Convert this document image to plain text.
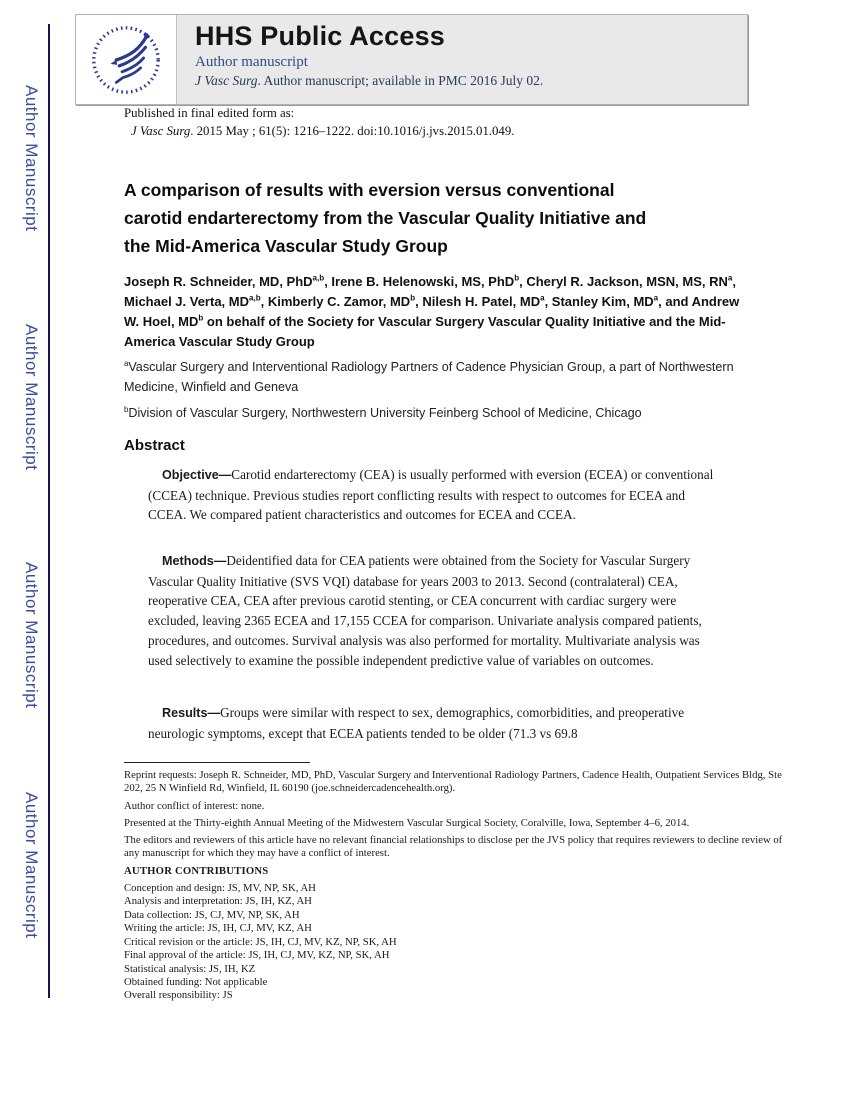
Author Manuscript
Author Manuscript
Author Manuscript
Author Manuscript
HHS Public Access
Author manuscript
J Vasc Surg. Author manuscript; available in PMC 2016 July 02.
Published in final edited form as:
J Vasc Surg. 2015 May ; 61(5): 1216–1222. doi:10.1016/j.jvs.2015.01.049.
A comparison of results with eversion versus conventional
carotid endarterectomy from the Vascular Quality Initiative and
the Mid-America Vascular Study Group
Joseph R. Schneider, MD, PhD$^{a,b}$, Irene B. Helenowski, MS, PhD$^b$, Cheryl R. Jackson, MSN, MS, $RN^a$, Michael J. Verta, MD$^{a,b}$, Kimberly C. Zamor, $MD^b$, Nilesh H. Patel, $MD^a$, Stanley Kim, $MD^a$, and Andrew W. Hoel, $MD^b$ on behalf of the Society for Vascular Surgery Vascular Quality Initiative and the Mid-America Vascular Study Group
$^a$Vascular Surgery and Interventional Radiology Partners of Cadence Physician Group, a part of Northwestern Medicine, Winfield and Geneva
$^b$Division of Vascular Surgery, Northwestern University Feinberg School of Medicine, Chicago
Abstract

Objective—Carotid endarterectomy (CEA) is usually performed with eversion (ECEA) or conventional (CCEA) technique. Previous studies report conflicting results with respect to outcomes for ECEA and CCEA. We compared patient characteristics and outcomes for ECEA and CCEA.

Methods—Deidentified data for CEA patients were obtained from the Society for Vascular Surgery Vascular Quality Initiative (SVS VQI) database for years 2003 to 2013. Second (contralateral) CEA, reoperative CEA, CEA after previous carotid stenting, or CEA concurrent with cardiac surgery were excluded, leaving 2365 ECEA and 17,155 CCEA for comparison. Univariate analysis compared patients, procedures, and outcomes. Survival analysis was also performed for mortality. Multivariate analysis was used selectively to examine the possible independent predictive value of variables on outcomes.

Results—Groups were similar with respect to sex, demographics, comorbidities, and preoperative neurologic symptoms, except that ECEA patients tended to be older (71.3 vs 69.8

Reprint requests: Joseph R. Schneider, MD, PhD, Vascular Surgery and Interventional Radiology Partners, Cadence Health, Outpatient Services Bldg, Ste 202, 25 N Winfield Rd, Winfield, IL 60190 (joe.schneidercadencehealth.org).

Author conflict of interest: none.

Presented at the Thirty-eighth Annual Meeting of the Midwestern Vascular Surgical Society, Coralville, Iowa, September 4–6, 2014.

The editors and reviewers of this article have no relevant financial relationships to disclose per the JVS policy that requires reviewers to decline review of any manuscript for which they may have a conflict of interest.

AUTHOR CONTRIBUTIONS

Conception and design: JS, MV, NP, SK, AH
Analysis and interpretation: JS, IH, KZ, AH
Data collection: JS, CJ, MV, NP, SK, AH
Writing the article: JS, IH, CJ, MV, KZ, AH
Critical revision or the article: JS, IH, CJ, MV, KZ, NP, SK, AH
Final approval of the article: JS, IH, CJ, MV, KZ, NP, SK, AH
Statistical analysis: JS, IH, KZ
Obtained funding: Not applicable
Overall responsibility: JS
